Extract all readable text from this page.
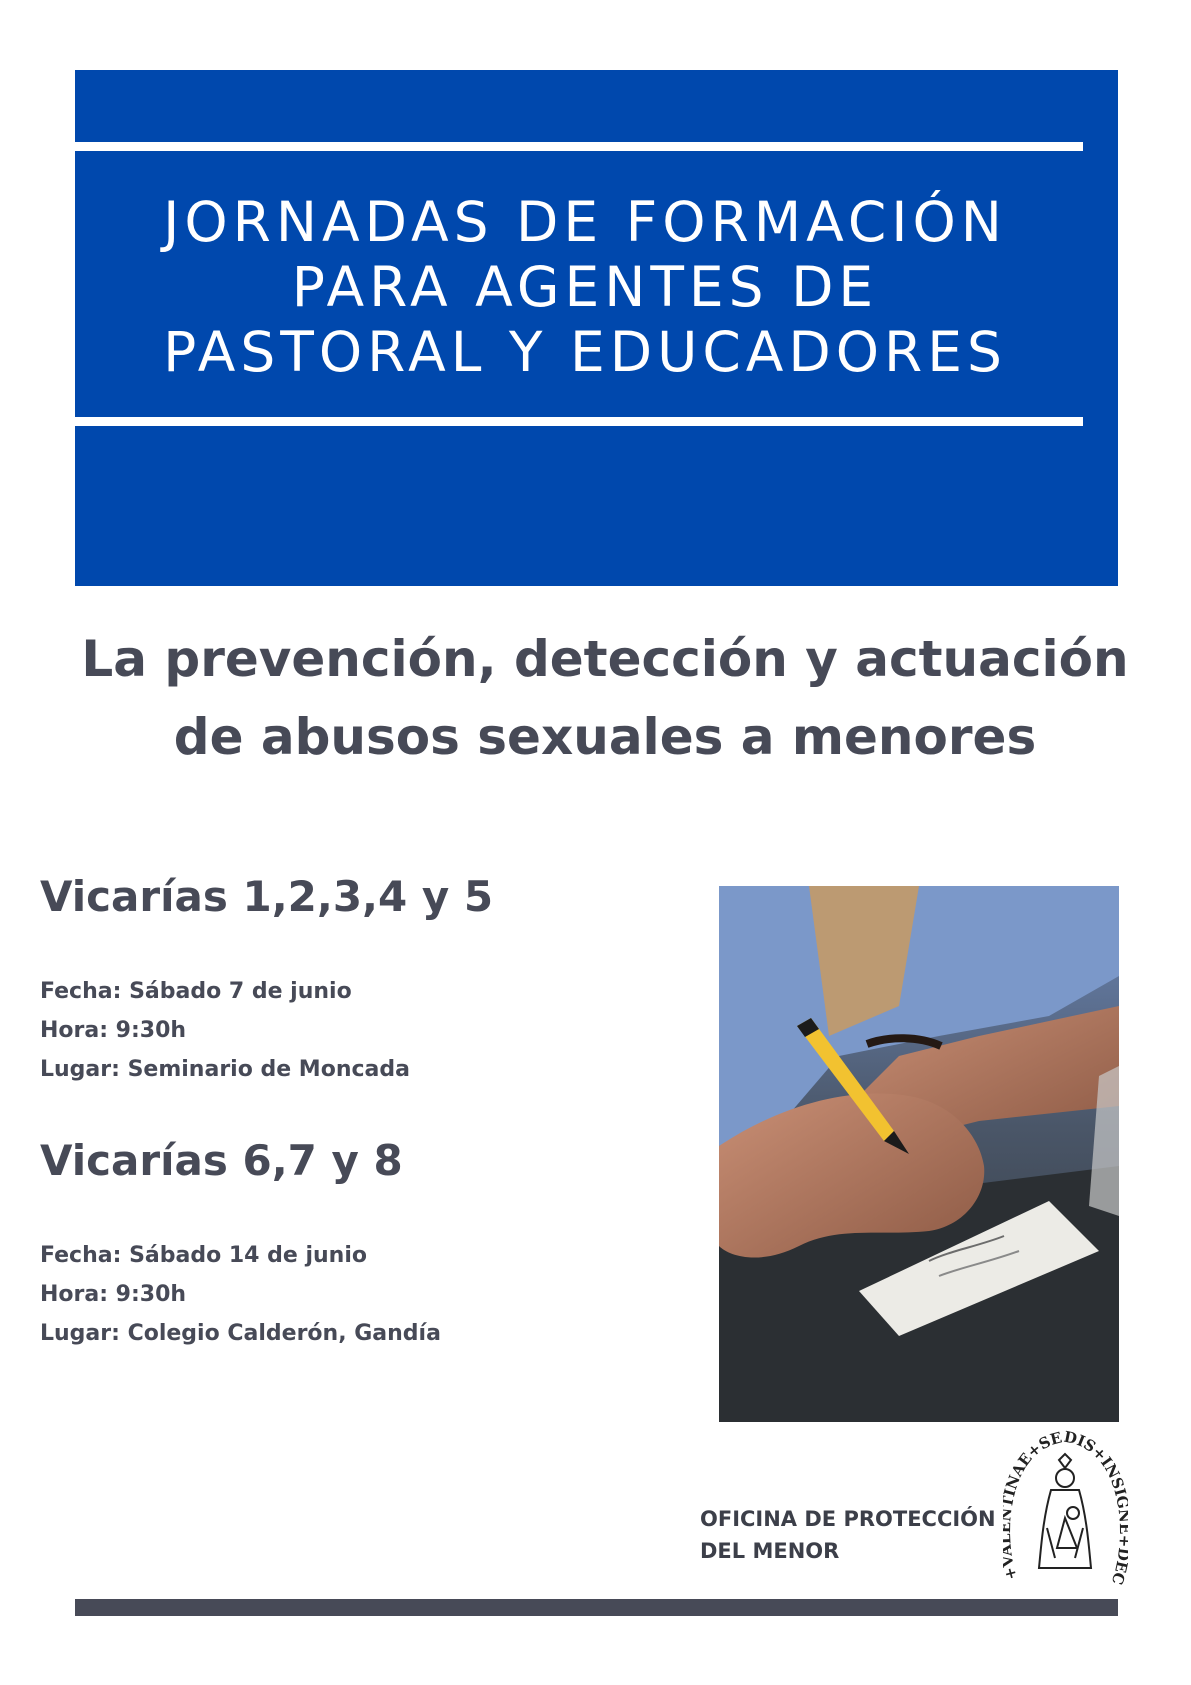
JORNADAS DE FORMACIÓN
PARA AGENTES DE
PASTORAL Y EDUCADORES
La prevención, detección y actuación
de abusos sexuales a menores
Vicarías 1,2,3,4 y 5
Fecha: Sábado 7 de junio
Hora: 9:30h
Lugar: Seminario de Moncada
Vicarías 6,7 y 8
Fecha: Sábado 14 de junio
Hora: 9:30h
Lugar: Colegio Calderón, Gandía
OFICINA DE PROTECCIÓN
DEL MENOR
NAE+SEDIS+INSI C
